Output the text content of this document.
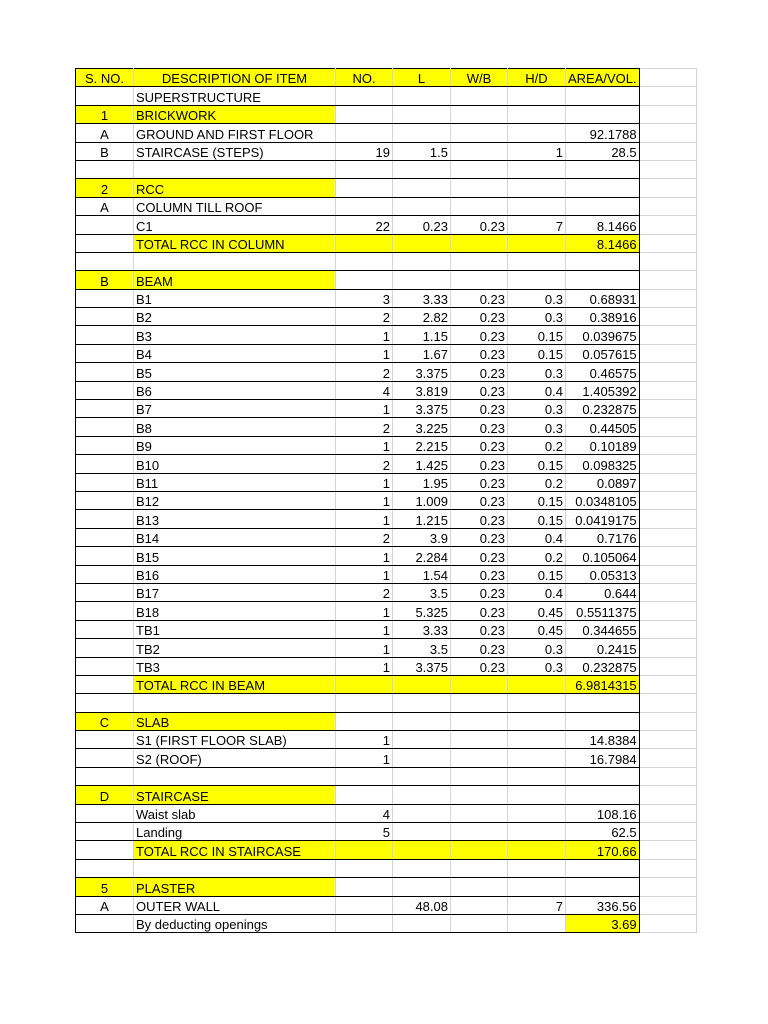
S. NO.	DESCRIPTION OF ITEM	NO.	L	W/B	H/D	AREA/VOL.	
	SUPERSTRUCTURE						
1	BRICKWORK						
A	GROUND AND FIRST FLOOR					92.1788	
B	STAIRCASE (STEPS)	19	1.5		1	28.5	

2	RCC						
A	COLUMN TILL ROOF						
	C1	22	0.23	0.23	7	8.1466	
	TOTAL RCC IN COLUMN					8.1466	

B	BEAM						
	B1	3	3.33	0.23	0.3	0.68931	
	B2	2	2.82	0.23	0.3	0.38916	
	B3	1	1.15	0.23	0.15	0.039675	
	B4	1	1.67	0.23	0.15	0.057615	
	B5	2	3.375	0.23	0.3	0.46575	
	B6	4	3.819	0.23	0.4	1.405392	
	B7	1	3.375	0.23	0.3	0.232875	
	B8	2	3.225	0.23	0.3	0.44505	
	B9	1	2.215	0.23	0.2	0.10189	
	B10	2	1.425	0.23	0.15	0.098325	
	B11	1	1.95	0.23	0.2	0.0897	
	B12	1	1.009	0.23	0.15	0.0348105	
	B13	1	1.215	0.23	0.15	0.0419175	
	B14	2	3.9	0.23	0.4	0.7176	
	B15	1	2.284	0.23	0.2	0.105064	
	B16	1	1.54	0.23	0.15	0.05313	
	B17	2	3.5	0.23	0.4	0.644	
	B18	1	5.325	0.23	0.45	0.5511375	
	TB1	1	3.33	0.23	0.45	0.344655	
	TB2	1	3.5	0.23	0.3	0.2415	
	TB3	1	3.375	0.23	0.3	0.232875	
	TOTAL RCC IN BEAM					6.9814315	

C	SLAB						
	S1 (FIRST FLOOR SLAB)	1				14.8384	
	S2 (ROOF)	1				16.7984	

D	STAIRCASE						
	Waist slab	4				108.16	
	Landing	5				62.5	
	TOTAL RCC IN STAIRCASE					170.66	

5	PLASTER						
A	OUTER WALL		48.08		7	336.56	
	By deducting openings					3.69	
